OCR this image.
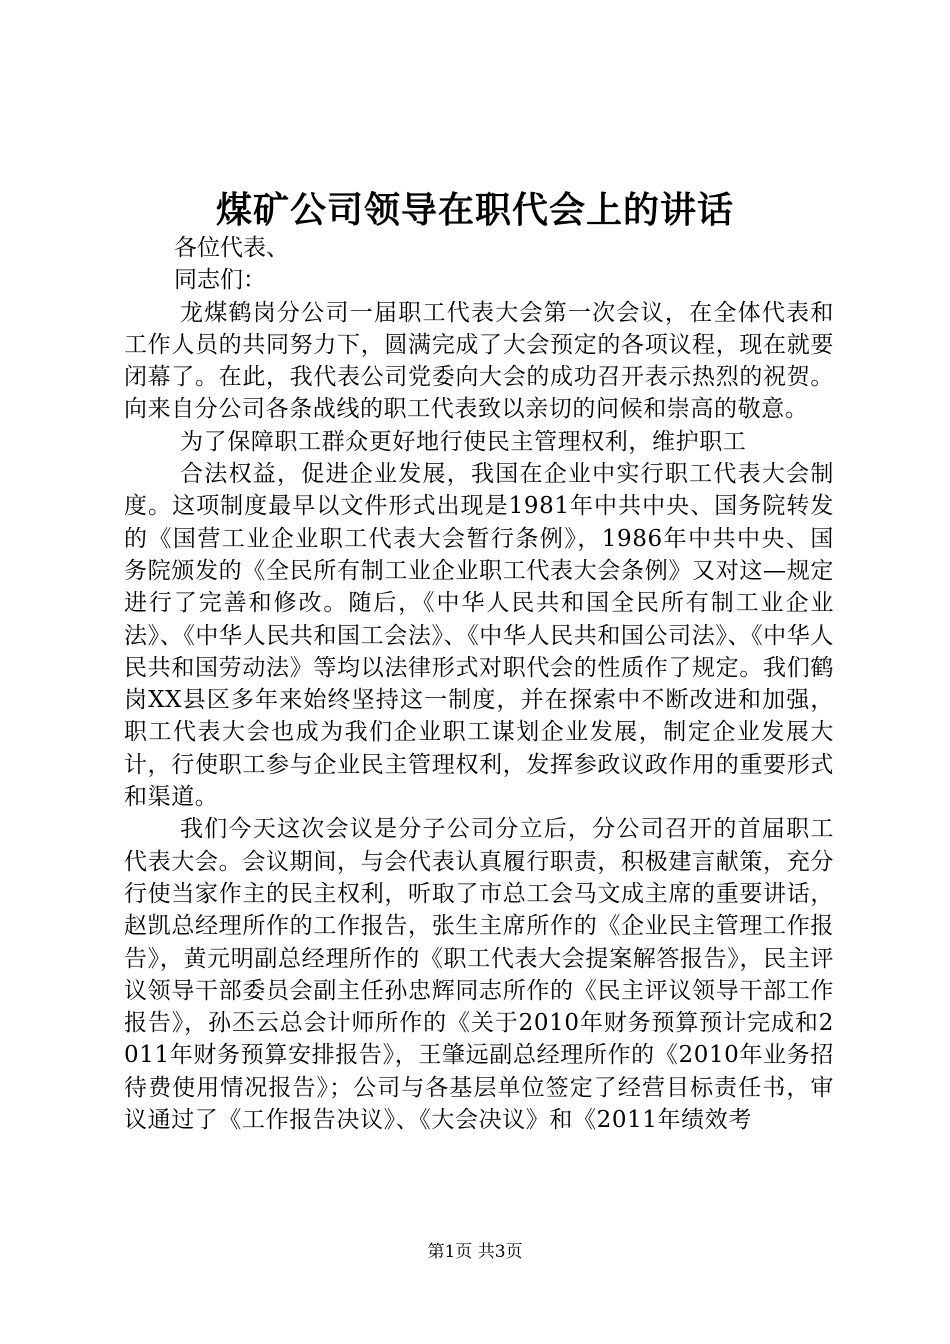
煤矿公司领导在职代会上的讲话

各位代表、

同志们：

龙煤鹤岗分公司一届职工代表大会第一次会议，在全体代表和工作人员的共同努力下，圆满完成了大会预定的各项议程，现在就要闭幕了。在此，我代表公司党委向大会的成功召开表示热烈的祝贺。向来自分公司各条战线的职工代表致以亲切的问候和崇高的敬意。

为了保障职工群众更好地行使民主管理权利，维护职工

合法权益，促进企业发展，我国在企业中实行职工代表大会制度。这项制度最早以文件形式出现是1981年中共中央、国务院转发的《国营工业企业职工代表大会暂行条例》，1986年中共中央、国务院颁发的《全民所有制工业企业职工代表大会条例》又对这—规定进行了完善和修改。随后，《中华人民共和国全民所有制工业企业法》、《中华人民共和国工会法》、《中华人民共和国公司法》、《中华人民共和国劳动法》等均以法律形式对职代会的性质作了规定。我们鹤岗XX县区多年来始终坚持这一制度，并在探索中不断改进和加强，职工代表大会也成为我们企业职工谋划企业发展，制定企业发展大计，行使职工参与企业民主管理权利，发挥参政议政作用的重要形式和渠道。

我们今天这次会议是分子公司分立后，分公司召开的首届职工代表大会。会议期间，与会代表认真履行职责，积极建言献策，充分行使当家作主的民主权利，听取了市总工会马文成主席的重要讲话，赵凯总经理所作的工作报告，张生主席所作的《企业民主管理工作报告》，黄元明副总经理所作的《职工代表大会提案解答报告》，民主评议领导干部委员会副主任孙忠辉同志所作的《民主评议领导干部工作报告》，孙丕云总会计师所作的《关于2010年财务预算预计完成和2011年财务预算安排报告》，王肇远副总经理所作的《2010年业务招待费使用情况报告》；公司与各基层单位签定了经营目标责任书，审议通过了《工作报告决议》、《大会决议》和《2011年绩效考

第1页 共3页
